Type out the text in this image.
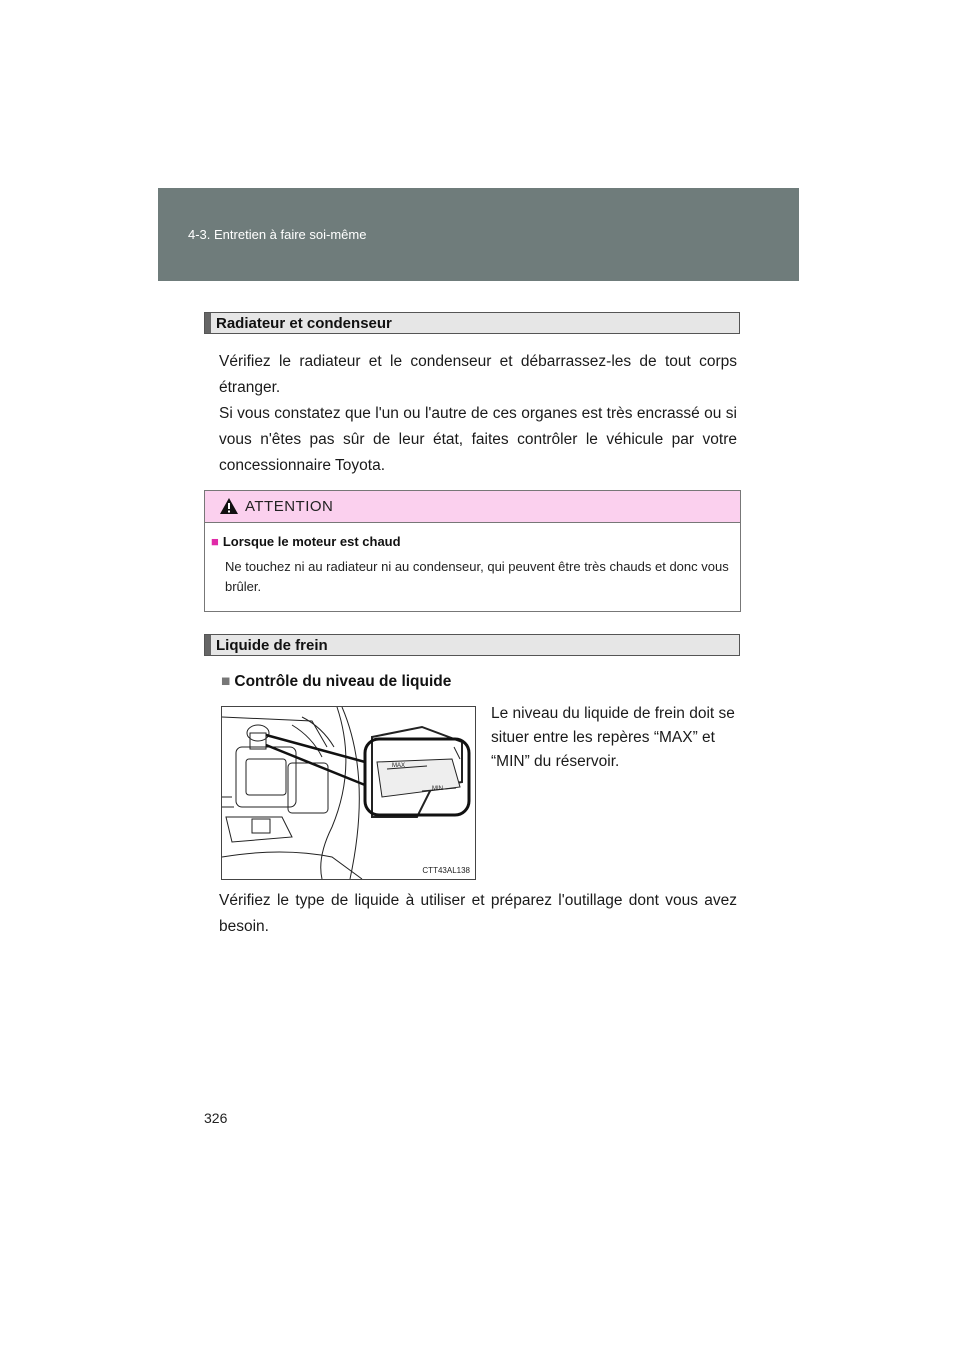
4-3. Entretien à faire soi-même
Radiateur et condenseur

Vérifiez le radiateur et le condenseur et débarrassez-les de tout corps étranger.
Si vous constatez que l'un ou l'autre de ces organes est très encrassé ou si vous n'êtes pas sûr de leur état, faites contrôler le véhicule par votre concessionnaire Toyota.

ATTENTION
■ Lorsque le moteur est chaud
Ne touchez ni au radiateur ni au condenseur, qui peuvent être très chauds et donc vous brûler.
Liquide de frein
■ Contrôle du niveau de liquide
MAX
MIN
CTT43AL138

Le niveau du liquide de frein doit se situer entre les repères “MAX” et “MIN” du réservoir.

Vérifiez le type de liquide à utiliser et préparez l'outillage dont vous avez besoin.

326
